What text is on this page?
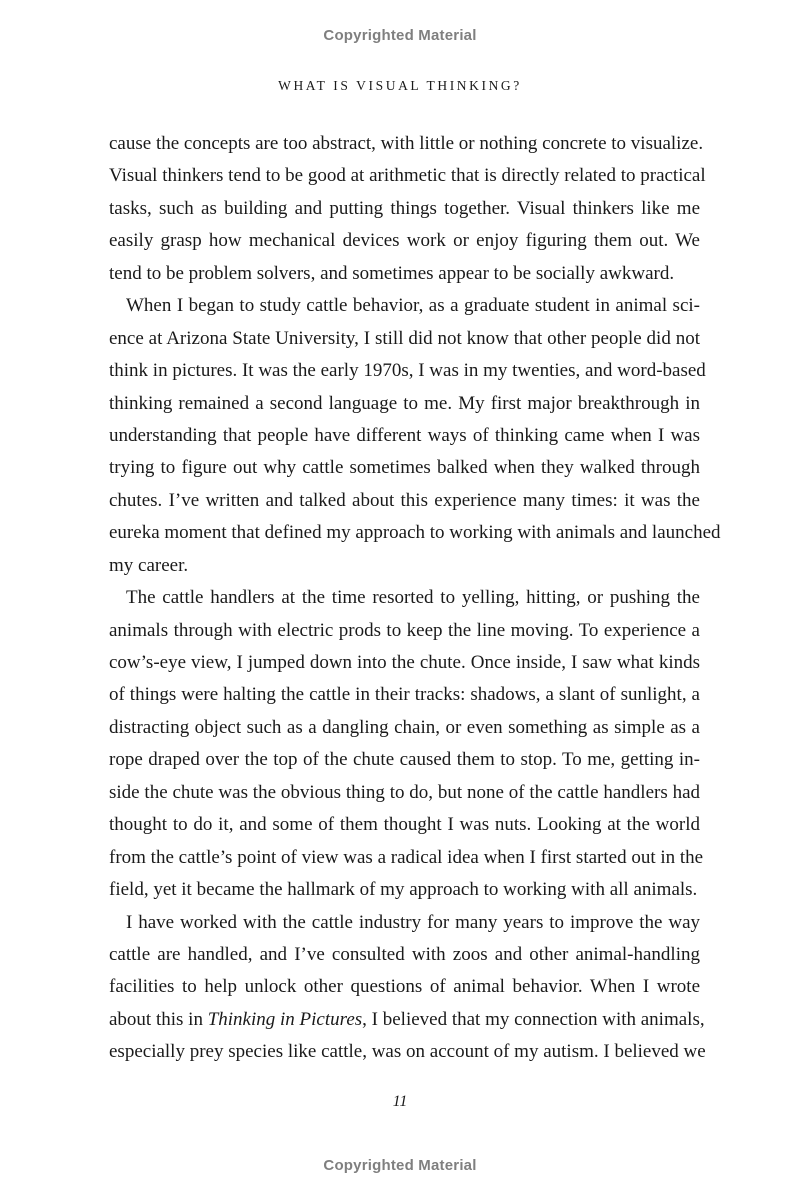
Copyrighted Material
WHAT IS VISUAL THINKING?
cause the concepts are too abstract, with little or nothing concrete to visualize.
Visual thinkers tend to be good at arithmetic that is directly related to practical
tasks, such as building and putting things together. Visual thinkers like me
easily grasp how mechanical devices work or enjoy figuring them out. We
tend to be problem solvers, and sometimes appear to be socially awkward.
When I began to study cattle behavior, as a graduate student in animal sci-
ence at Arizona State University, I still did not know that other people did not
think in pictures. It was the early 1970s, I was in my twenties, and word-based
thinking remained a second language to me. My first major breakthrough in
understanding that people have different ways of thinking came when I was
trying to figure out why cattle sometimes balked when they walked through
chutes. I’ve written and talked about this experience many times: it was the
eureka moment that defined my approach to working with animals and launched
my career.
The cattle handlers at the time resorted to yelling, hitting, or pushing the
animals through with electric prods to keep the line moving. To experience a
cow’s-eye view, I jumped down into the chute. Once inside, I saw what kinds
of things were halting the cattle in their tracks: shadows, a slant of sunlight, a
distracting object such as a dangling chain, or even something as simple as a
rope draped over the top of the chute caused them to stop. To me, getting in-
side the chute was the obvious thing to do, but none of the cattle handlers had
thought to do it, and some of them thought I was nuts. Looking at the world
from the cattle’s point of view was a radical idea when I first started out in the
field, yet it became the hallmark of my approach to working with all animals.
I have worked with the cattle industry for many years to improve the way
cattle are handled, and I’ve consulted with zoos and other animal-handling
facilities to help unlock other questions of animal behavior. When I wrote
about this in Thinking in Pictures, I believed that my connection with animals,
especially prey species like cattle, was on account of my autism. I believed we
11
Copyrighted Material
